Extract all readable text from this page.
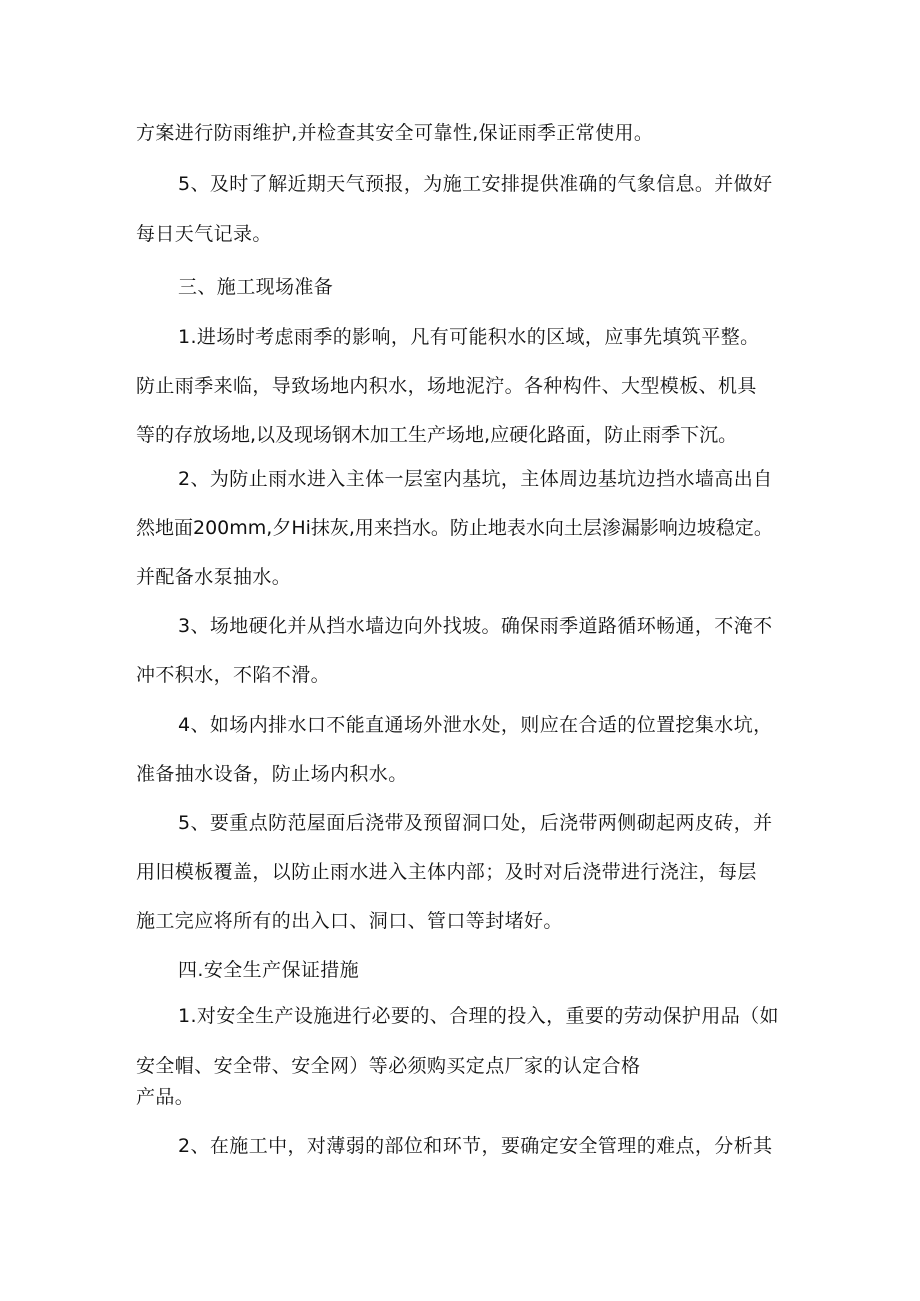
方案进行防雨维护,并检查其安全可靠性,保证雨季正常使用。
5、及时了解近期天气预报，为施工安排提供准确的气象信息。并做好
每日天气记录。
三、施工现场准备
1.进场时考虑雨季的影响，凡有可能积水的区域，应事先填筑平整。
防止雨季来临，导致场地内积水，场地泥泞。各种构件、大型模板、机具
等的存放场地,以及现场钢木加工生产场地,应硬化路面，防止雨季下沉。
2、为防止雨水进入主体一层室内基坑，主体周边基坑边挡水墙高出自
然地面200mm,夕Hi抹灰,用来挡水。防止地表水向土层渗漏影响边坡稳定。
并配备水泵抽水。
3、场地硬化并从挡水墙边向外找坡。确保雨季道路循环畅通，不淹不
冲不积水，不陷不滑。
4、如场内排水口不能直通场外泄水处，则应在合适的位置挖集水坑，
准备抽水设备，防止场内积水。
5、要重点防范屋面后浇带及预留洞口处，后浇带两侧砌起两皮砖，并
用旧模板覆盖，以防止雨水进入主体内部；及时对后浇带进行浇注，每层
施工完应将所有的出入口、洞口、管口等封堵好。
四.安全生产保证措施
1.对安全生产设施进行必要的、合理的投入，重要的劳动保护用品（如
安全帽、安全带、安全网）等必须购买定点厂家的认定合格
产品。
2、在施工中，对薄弱的部位和环节，要确定安全管理的难点，分析其
